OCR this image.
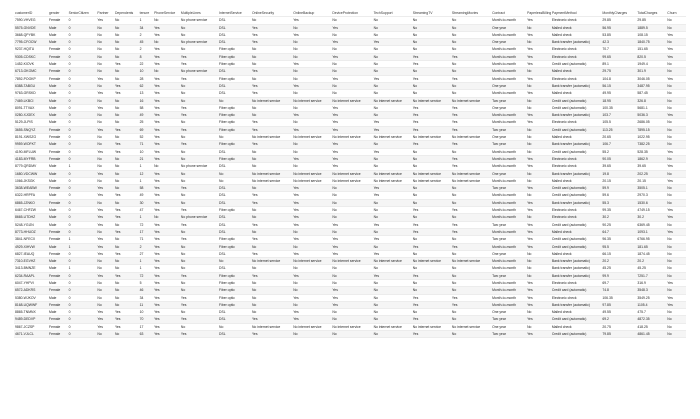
customerID	gender	SeniorCitizen	Partner	Dependents	tenure	PhoneService	MultipleLines	InternetService	OnlineSecurity	OnlineBackup	DeviceProtection	TechSupport	StreamingTV	StreamingMovies	Contract	PaperlessBilling	PaymentMethod	MonthlyCharges	TotalCharges	Churn
7590-VHVEG	Female	0	Yes	No	1	No	No phone service	DSL	No	Yes	No	No	No	No	Month-to-month	Yes	Electronic check	29.85	29.85	No
5575-GNVDE	Male	0	No	No	34	Yes	No	DSL	Yes	No	Yes	No	No	No	One year	No	Mailed check	56.95	1889.5	No
3668-QPYBK	Male	0	No	No	2	Yes	No	DSL	Yes	Yes	No	No	No	No	Month-to-month	Yes	Mailed check	53.85	108.15	Yes
7795-CFOCW	Male	0	No	No	45	No	No phone service	DSL	Yes	No	Yes	Yes	No	No	One year	No	Bank transfer (automatic)	42.3	1840.75	No
9237-HQITU	Female	0	No	No	2	Yes	No	Fiber optic	No	No	No	No	No	No	Month-to-month	Yes	Electronic check	70.7	151.65	Yes
9305-CDSKC	Female	0	No	No	8	Yes	Yes	Fiber optic	No	No	Yes	No	Yes	Yes	Month-to-month	Yes	Electronic check	99.65	820.5	Yes
1452-KIOVK	Male	0	No	Yes	22	Yes	Yes	Fiber optic	No	Yes	No	No	Yes	No	Month-to-month	Yes	Credit card (automatic)	89.1	1949.4	No
6713-OKOMC	Female	0	No	No	10	No	No phone service	DSL	Yes	No	No	No	No	No	Month-to-month	No	Mailed check	29.75	301.9	No
7892-POOKP	Female	0	Yes	No	28	Yes	Yes	Fiber optic	No	No	Yes	Yes	Yes	Yes	Month-to-month	Yes	Electronic check	104.8	3046.05	Yes
6388-TABGU	Male	0	No	Yes	62	Yes	No	DSL	Yes	Yes	No	No	No	No	One year	No	Bank transfer (automatic)	56.15	3487.95	No
9763-GRSKD	Male	0	Yes	Yes	13	Yes	No	DSL	Yes	No	No	No	No	No	Month-to-month	Yes	Mailed check	49.95	587.45	No
7469-LKBCI	Male	0	No	No	16	Yes	No	No	No internet service	No internet service	No internet service	No internet service	No internet service	No internet service	Two year	No	Credit card (automatic)	18.95	326.8	No
8091-TTVAX	Male	0	Yes	No	58	Yes	Yes	Fiber optic	No	No	Yes	No	Yes	Yes	One year	No	Credit card (automatic)	100.35	5681.1	No
0280-XJGEX	Male	0	No	No	49	Yes	Yes	Fiber optic	No	Yes	Yes	No	Yes	Yes	Month-to-month	Yes	Bank transfer (automatic)	103.7	5036.3	Yes
5129-JLPIS	Male	0	No	No	25	Yes	No	Fiber optic	Yes	No	Yes	Yes	Yes	Yes	Month-to-month	Yes	Electronic check	105.5	2686.05	No
3655-SNQYZ	Female	0	Yes	Yes	69	Yes	Yes	Fiber optic	Yes	Yes	Yes	Yes	Yes	Yes	Two year	No	Credit card (automatic)	113.25	7895.15	No
8191-XWSZG	Female	0	No	No	52	Yes	No	No	No internet service	No internet service	No internet service	No internet service	No internet service	No internet service	One year	No	Mailed check	20.65	1022.95	No
9959-WOFKT	Male	0	No	Yes	71	Yes	Yes	Fiber optic	Yes	No	Yes	No	Yes	Yes	Two year	No	Bank transfer (automatic)	106.7	7382.25	No
4190-MFLUW	Female	0	Yes	Yes	10	Yes	No	DSL	No	No	Yes	Yes	No	No	Month-to-month	No	Credit card (automatic)	55.2	528.35	Yes
4183-MYFRB	Female	0	No	No	21	Yes	No	Fiber optic	No	Yes	Yes	No	No	Yes	Month-to-month	Yes	Electronic check	90.05	1862.9	No
8779-QRDMV	Male	1	No	No	1	No	No phone service	DSL	No	No	Yes	No	No	Yes	Month-to-month	Yes	Electronic check	39.65	39.65	Yes
1680-VDCWW	Male	0	Yes	No	12	Yes	No	No	No internet service	No internet service	No internet service	No internet service	No internet service	No internet service	One year	No	Bank transfer (automatic)	19.8	202.25	No
1066-JKSGK	Male	0	No	No	1	Yes	No	No	No internet service	No internet service	No internet service	No internet service	No internet service	No internet service	Month-to-month	No	Mailed check	20.15	20.15	Yes
3638-WEABW	Female	0	Yes	No	58	Yes	Yes	DSL	No	Yes	No	Yes	No	No	Two year	Yes	Credit card (automatic)	59.9	3505.1	No
6322-HRPFA	Male	0	Yes	Yes	49	Yes	No	DSL	Yes	Yes	No	Yes	No	No	Month-to-month	No	Credit card (automatic)	59.6	2970.3	No
6865-JZNKO	Female	0	No	No	30	Yes	No	DSL	Yes	Yes	No	No	No	No	Month-to-month	Yes	Bank transfer (automatic)	55.3	1530.6	No
6467-CHFZW	Male	0	Yes	Yes	47	Yes	Yes	Fiber optic	No	Yes	No	No	Yes	Yes	Month-to-month	Yes	Electronic check	99.35	4749.15	Yes
8665-UTDHZ	Male	0	Yes	Yes	1	No	No phone service	DSL	No	Yes	No	No	No	No	Month-to-month	No	Electronic check	30.2	30.2	Yes
5248-YGIJN	Male	0	Yes	No	72	Yes	Yes	DSL	Yes	Yes	Yes	Yes	Yes	Yes	Two year	Yes	Credit card (automatic)	90.25	6369.45	No
8773-HHUOZ	Female	0	No	Yes	17	Yes	No	DSL	No	No	No	No	Yes	Yes	Month-to-month	Yes	Mailed check	64.7	1093.1	Yes
3841-NFECX	Female	1	Yes	No	71	Yes	Yes	Fiber optic	Yes	Yes	Yes	Yes	No	No	Two year	Yes	Credit card (automatic)	96.35	6766.95	No
4929-XIHVW	Male	1	Yes	No	2	Yes	No	Fiber optic	No	No	Yes	No	Yes	Yes	Month-to-month	Yes	Credit card (automatic)	95.5	181.65	No
6827-IEAUQ	Female	0	Yes	Yes	27	Yes	No	DSL	Yes	Yes	Yes	Yes	No	No	One year	No	Mailed check	66.15	1874.45	No
7310-EGVHZ	Male	0	No	No	1	Yes	No	No	No internet service	No internet service	No internet service	No internet service	No internet service	No internet service	Month-to-month	No	Bank transfer (automatic)	20.2	20.2	No
3413-BMNZE	Male	1	No	No	1	Yes	No	DSL	No	No	No	No	No	No	Month-to-month	No	Bank transfer (automatic)	45.25	45.25	No
6234-RAAPL	Female	0	Yes	Yes	72	Yes	Yes	Fiber optic	Yes	Yes	No	Yes	Yes	No	Two year	No	Bank transfer (automatic)	99.9	7251.7	No
6047-YHPVI	Male	0	No	No	5	Yes	No	Fiber optic	No	No	No	No	No	No	Month-to-month	Yes	Electronic check	69.7	316.9	Yes
6572-ADKRS	Female	0	No	No	46	Yes	No	Fiber optic	No	No	Yes	No	No	No	Month-to-month	Yes	Credit card (automatic)	74.8	3548.3	No
5380-WJKOV	Male	0	No	No	34	Yes	Yes	Fiber optic	No	Yes	Yes	No	Yes	Yes	Month-to-month	Yes	Electronic check	106.35	3549.25	Yes
8168-UQWWF	Female	0	No	No	11	Yes	Yes	Fiber optic	No	No	Yes	No	Yes	Yes	Month-to-month	Yes	Bank transfer (automatic)	97.85	1105.4	Yes
8865-TNMNX	Male	0	Yes	Yes	10	Yes	No	DSL	No	Yes	No	No	No	No	One year	No	Mailed check	49.55	475.7	No
9489-DEDVP	Female	0	Yes	Yes	70	Yes	Yes	DSL	Yes	Yes	No	No	Yes	No	Two year	Yes	Credit card (automatic)	69.2	4872.35	No
9867-JCZSP	Female	0	Yes	Yes	17	Yes	No	No	No internet service	No internet service	No internet service	No internet service	No internet service	No internet service	One year	No	Mailed check	20.75	418.25	No
4671-VJLCL	Female	0	No	No	63	Yes	Yes	DSL	Yes	No	No	No	Yes	No	Two year	Yes	Credit card (automatic)	79.85	4861.45	No
